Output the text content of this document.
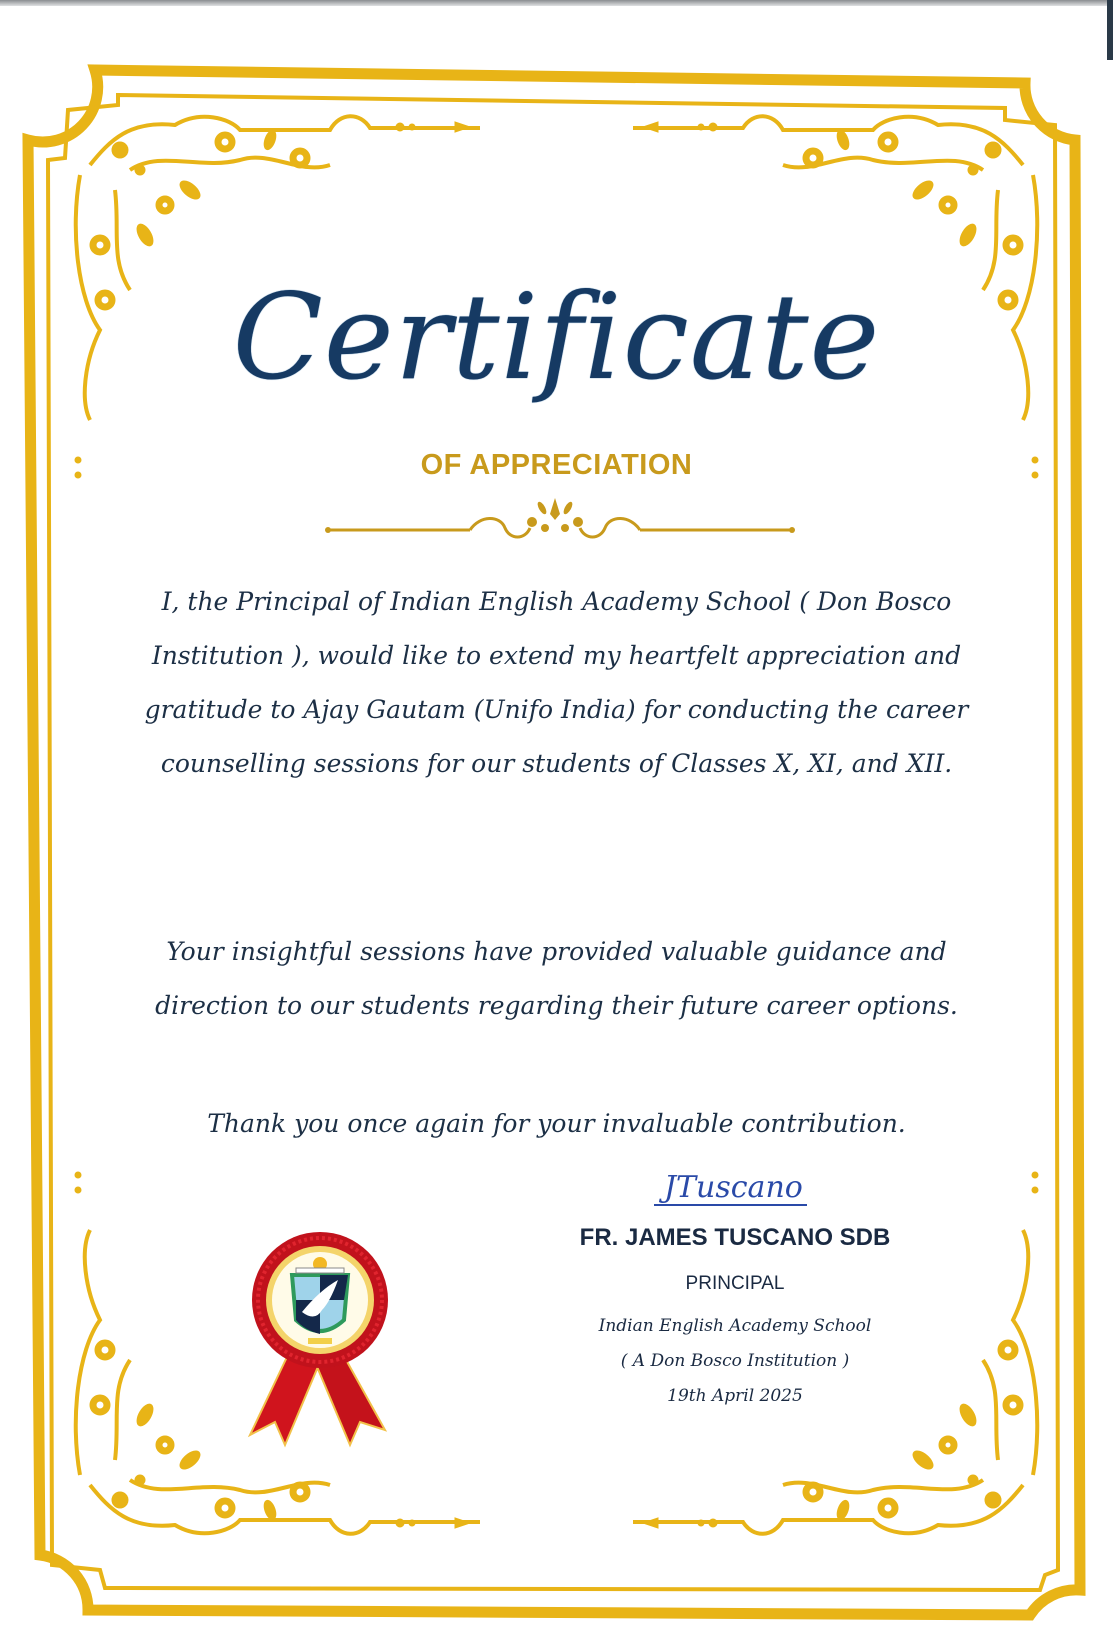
Certificate
OF APPRECIATION
I, the Principal of Indian English Academy School ( Don Bosco Institution ), would like to extend my heartfelt appreciation and gratitude to Ajay Gautam (Unifo India) for conducting the career counselling sessions for our students of Classes X, XI, and XII.
Your insightful sessions have provided valuable guidance and direction to our students regarding their future career options.
Thank you once again for your invaluable contribution.
JTuscano
FR. JAMES TUSCANO SDB
PRINCIPAL
Indian English Academy School
( A Don Bosco Institution )
19th April 2025
